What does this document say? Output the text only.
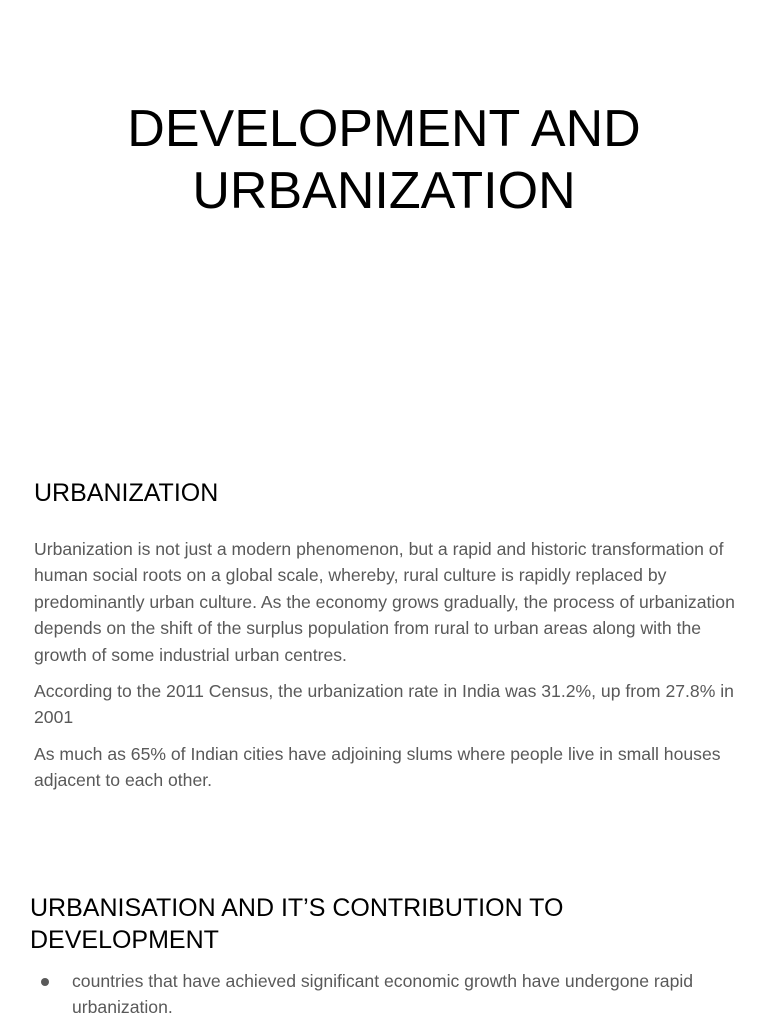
DEVELOPMENT AND URBANIZATION
URBANIZATION

Urbanization is not just a modern phenomenon, but a rapid and historic transformation of human social roots on a global scale, whereby, rural culture is rapidly replaced by predominantly urban culture. As the economy grows gradually, the process of urbanization depends on the shift of the surplus population from rural to urban areas along with the growth of some industrial urban centres.

According to the 2011 Census, the urbanization rate in India was 31.2%, up from 27.8% in 2001

As much as 65% of Indian cities have adjoining slums where people live in small houses adjacent to each other.

URBANISATION AND IT’S CONTRIBUTION TO DEVELOPMENT
countries that have achieved significant economic growth have undergone rapid urbanization.
